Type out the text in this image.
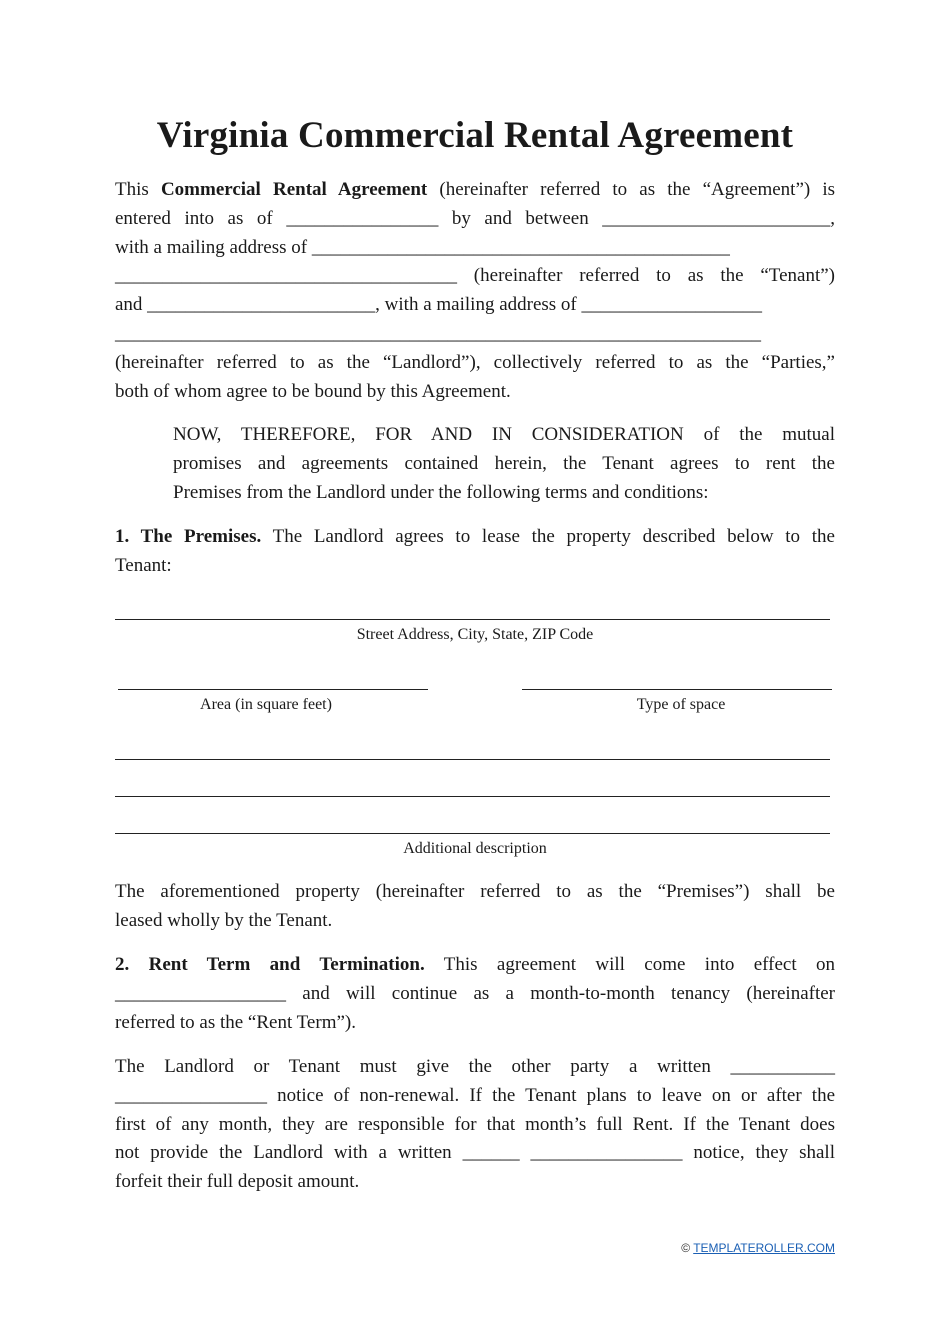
Virginia Commercial Rental Agreement
This Commercial Rental Agreement (hereinafter referred to as the “Agreement”) is
entered into as of ________________ by and between ________________________,
with a mailing address of ____________________________________________
____________________________________ (hereinafter referred to as the “Tenant”)
and ________________________, with a mailing address of ___________________
____________________________________________________________________
(hereinafter referred to as the “Landlord”), collectively referred to as the “Parties,”
both of whom agree to be bound by this Agreement.
NOW, THEREFORE, FOR AND IN CONSIDERATION of the mutual
promises and agreements contained herein, the Tenant agrees to rent the
Premises from the Landlord under the following terms and conditions:
1. The Premises. The Landlord agrees to lease the property described below to the
Tenant:
Street Address, City, State, ZIP Code
Area (in square feet)	Type of space
Additional description
The aforementioned property (hereinafter referred to as the “Premises”) shall be
leased wholly by the Tenant.
2. Rent Term and Termination. This agreement will come into effect on
__________________ and will continue as a month-to-month tenancy (hereinafter
referred to as the “Rent Term”).
The Landlord or Tenant must give the other party a written ___________
________________ notice of non-renewal. If the Tenant plans to leave on or after the
first of any month, they are responsible for that month’s full Rent. If the Tenant does
not provide the Landlord with a written ______ ________________ notice, they shall
forfeit their full deposit amount.
© TEMPLATEROLLER.COM
